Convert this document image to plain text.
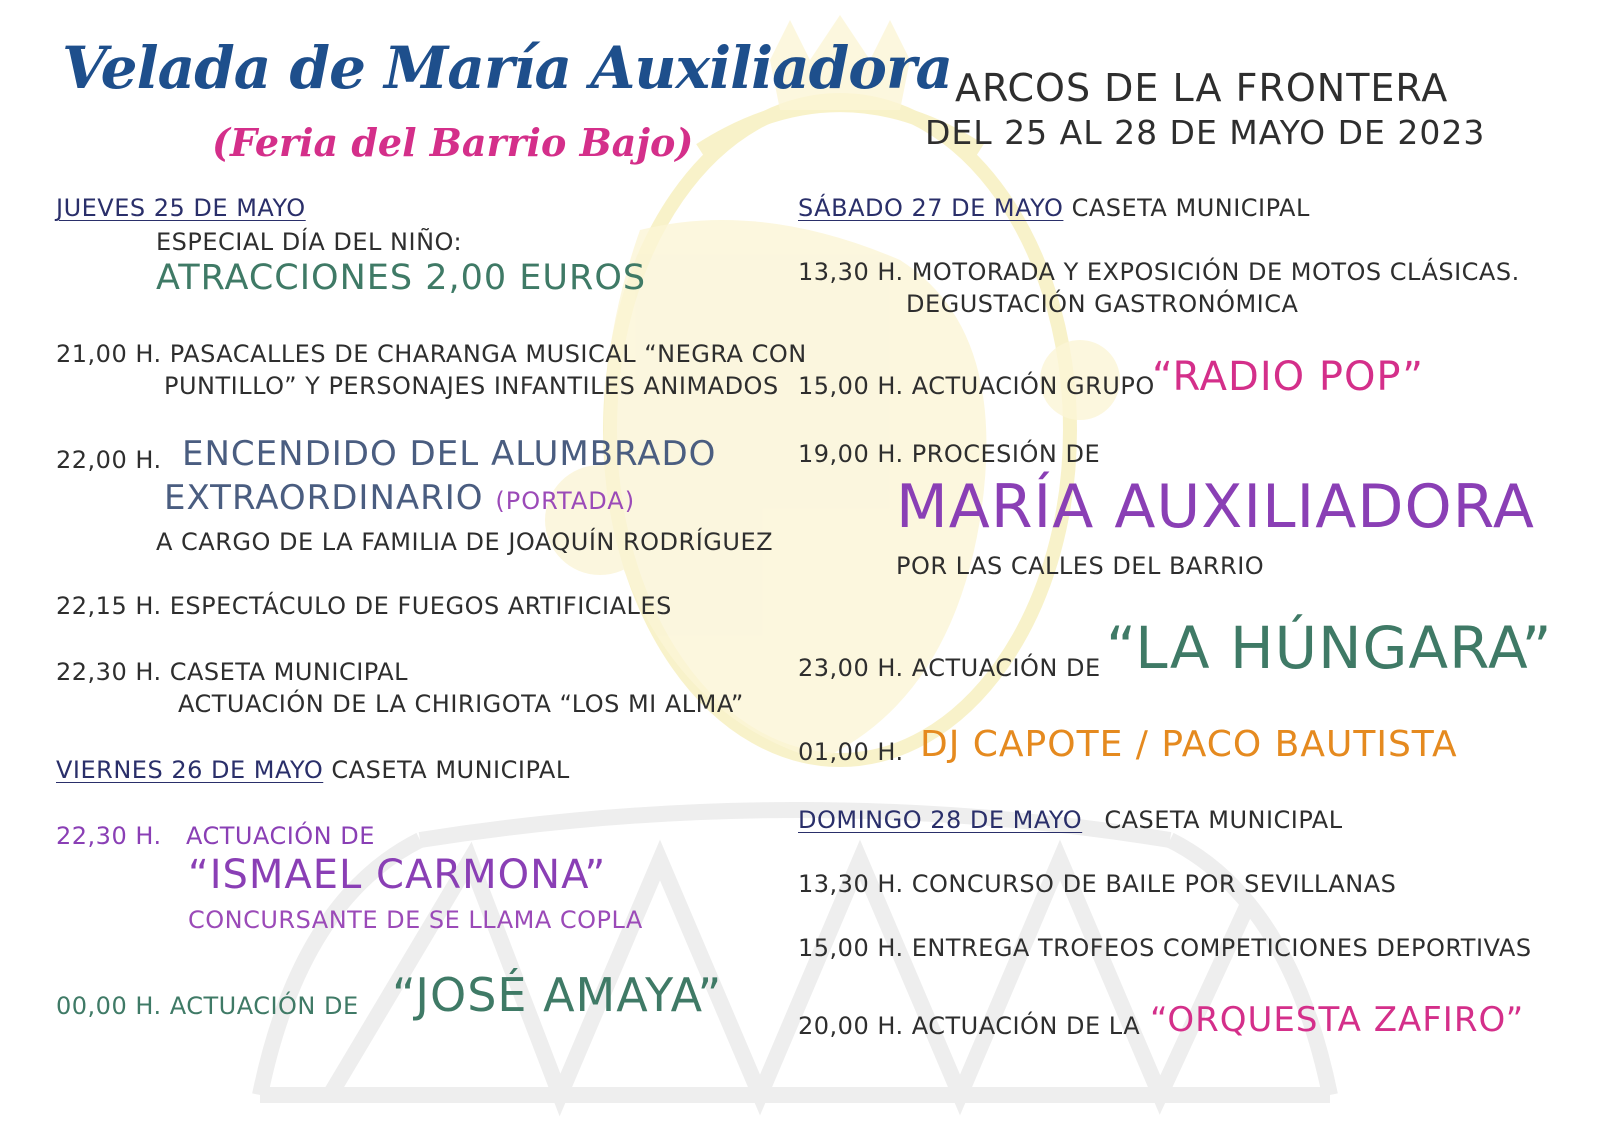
Velada de María Auxiliadora
(Feria del Barrio Bajo)
ARCOS DE LA FRONTERA
DEL 25 AL 28 DE MAYO DE 2023
JUEVES 25 DE MAYO
ESPECIAL DÍA DEL NIÑO:
ATRACCIONES 2,00 EUROS
21,00 H. PASACALLES DE CHARANGA MUSICAL “NEGRA CON
PUNTILLO” Y PERSONAJES INFANTILES ANIMADOS
22,00 H. ENCENDIDO DEL ALUMBRADO
EXTRAORDINARIO (PORTADA)
A CARGO DE LA FAMILIA DE JOAQUÍN RODRÍGUEZ
22,15 H. ESPECTÁCULO DE FUEGOS ARTIFICIALES
22,30 H. CASETA MUNICIPAL
ACTUACIÓN DE LA CHIRIGOTA “LOS MI ALMA”
VIERNES 26 DE MAYO CASETA MUNICIPAL
22,30 H.   ACTUACIÓN DE
“ISMAEL CARMONA”
CONCURSANTE DE SE LLAMA COPLA
00,00 H. ACTUACIÓN DE “JOSÉ AMAYA”
SÁBADO 27 DE MAYO CASETA MUNICIPAL
13,30 H. MOTORADA Y EXPOSICIÓN DE MOTOS CLÁSICAS.
DEGUSTACIÓN GASTRONÓMICA
15,00 H. ACTUACIÓN GRUPO
“RADIO POP”
19,00 H. PROCESIÓN DE
MARÍA AUXILIADORA
POR LAS CALLES DEL BARRIO
23,00 H. ACTUACIÓN DE “LA HÚNGARA”
01,00 H. DJ CAPOTE / PACO BAUTISTA
DOMINGO 28 DE MAYO CASETA MUNICIPAL
13,30 H. CONCURSO DE BAILE POR SEVILLANAS
15,00 H. ENTREGA TROFEOS COMPETICIONES DEPORTIVAS
20,00 H. ACTUACIÓN DE LA “ORQUESTA ZAFIRO”
